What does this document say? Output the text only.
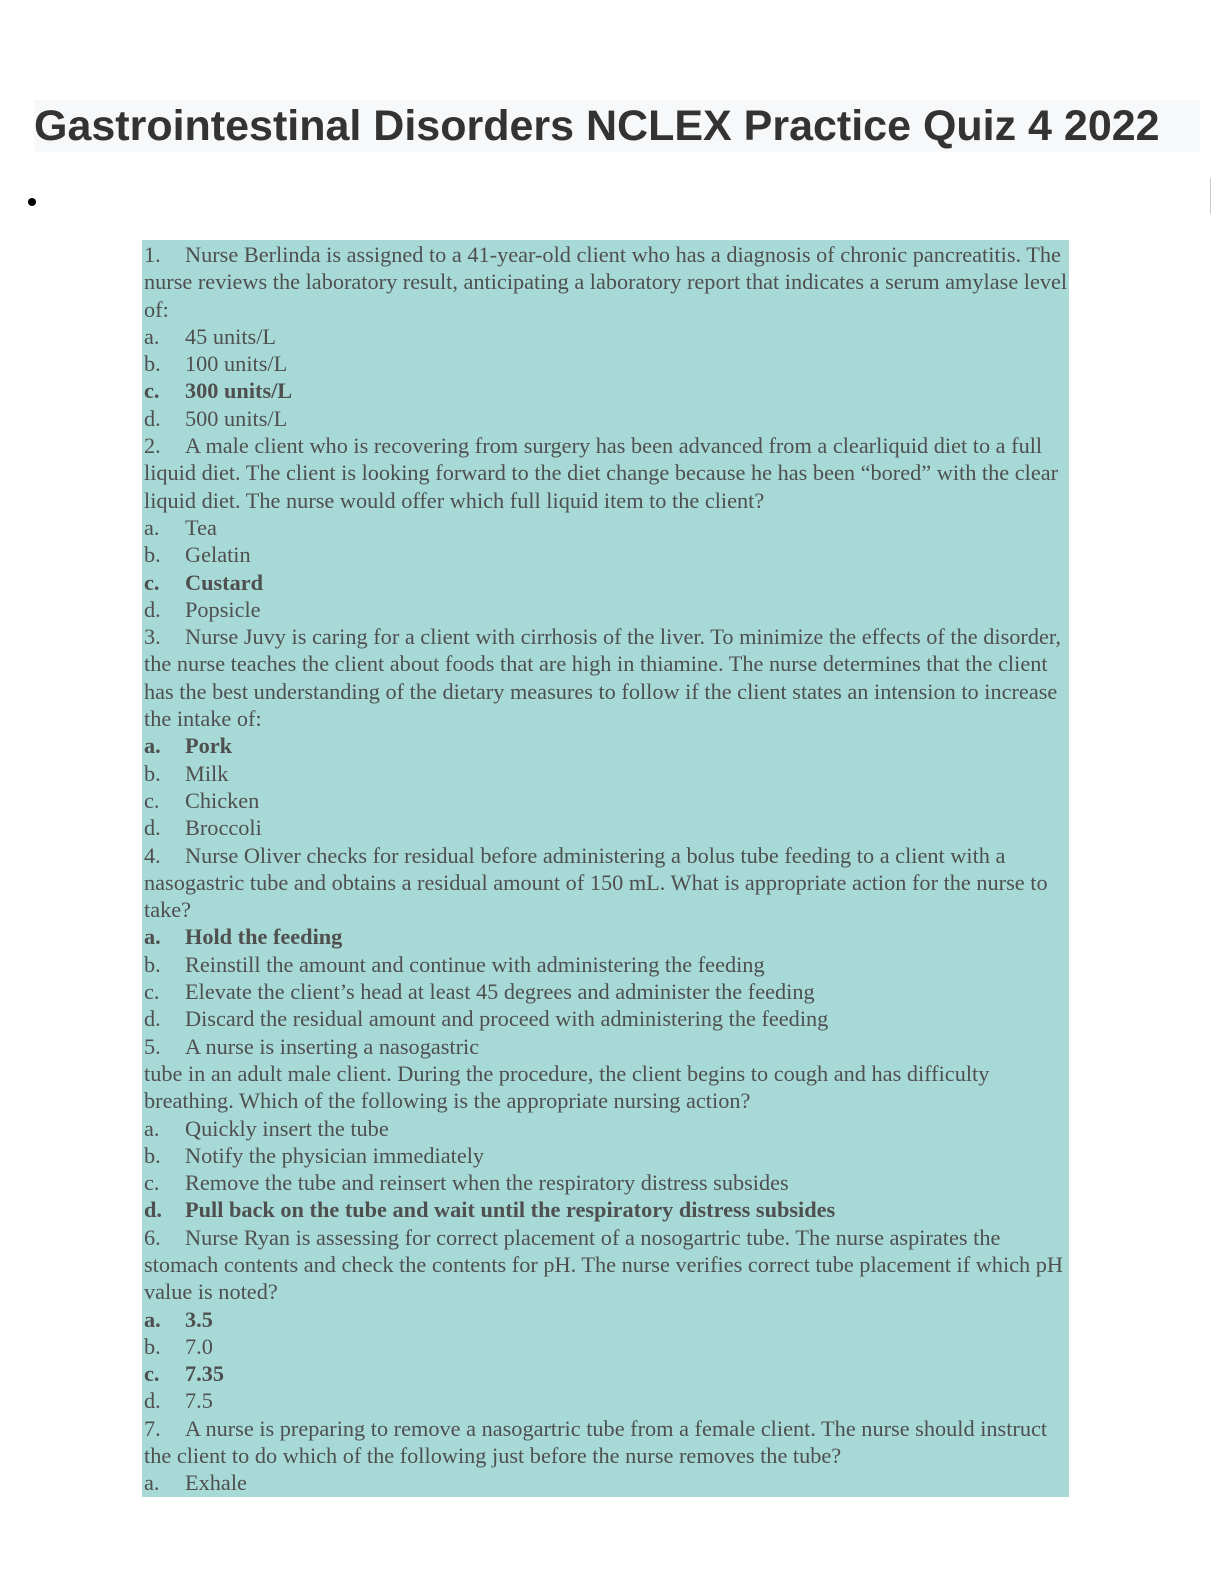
Gastrointestinal Disorders NCLEX Practice Quiz 4 2022

1. Nurse Berlinda is assigned to a 41-year-old client who has a diagnosis of chronic pancreatitis. The nurse reviews the laboratory result, anticipating a laboratory report that indicates a serum amylase level of:

a. 45 units/L

b. 100 units/L

c. 300 units/L

d. 500 units/L

2. A male client who is recovering from surgery has been advanced from a clearliquid diet to a full liquid diet. The client is looking forward to the diet change because he has been “bored” with the clear liquid diet. The nurse would offer which full liquid item to the client?

a. Tea

b. Gelatin

c. Custard

d. Popsicle

3. Nurse Juvy is caring for a client with cirrhosis of the liver. To minimize the effects of the disorder, the nurse teaches the client about foods that are high in thiamine. The nurse determines that the client has the best understanding of the dietary measures to follow if the client states an intension to increase the intake of:

a. Pork

b. Milk

c. Chicken

d. Broccoli

4. Nurse Oliver checks for residual before administering a bolus tube feeding to a client with a nasogastric tube and obtains a residual amount of 150 mL. What is appropriate action for the nurse to take?

a. Hold the feeding

b. Reinstill the amount and continue with administering the feeding

c. Elevate the client’s head at least 45 degrees and administer the feeding

d. Discard the residual amount and proceed with administering the feeding

5. A nurse is inserting a nasogastric

tube in an adult male client. During the procedure, the client begins to cough and has difficulty breathing. Which of the following is the appropriate nursing action?

a. Quickly insert the tube

b. Notify the physician immediately

c. Remove the tube and reinsert when the respiratory distress subsides

d. Pull back on the tube and wait until the respiratory distress subsides

6. Nurse Ryan is assessing for correct placement of a nosogartric tube. The nurse aspirates the stomach contents and check the contents for pH. The nurse verifies correct tube placement if which pH value is noted?

a. 3.5

b. 7.0

c. 7.35

d. 7.5

7. A nurse is preparing to remove a nasogartric tube from a female client. The nurse should instruct the client to do which of the following just before the nurse removes the tube?

a. Exhale
